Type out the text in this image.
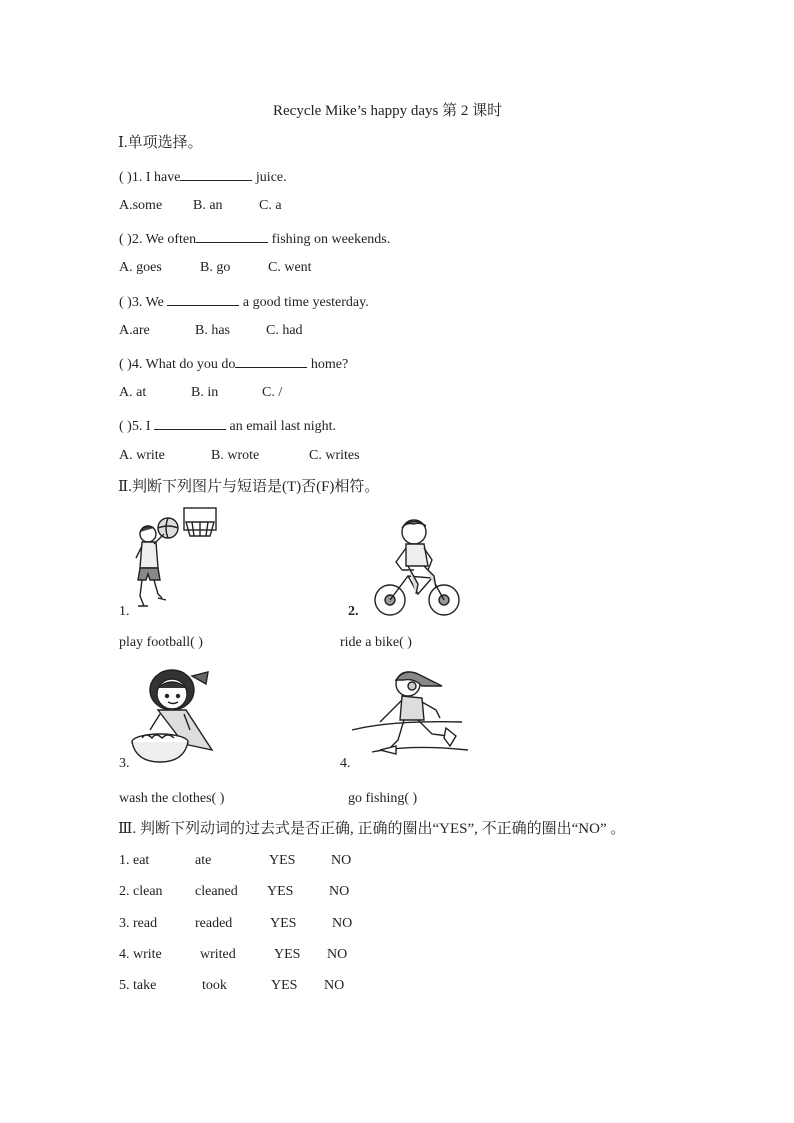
Recycle Mike’s happy days 第 2 课时
Ⅰ.单项选择。
( )1. I have	juice.
A.some B. an	C. a
( )2. We often	fishing on weekends.
A. goes	B. go	C. went
( )3. We	a good time yesterday.
A.are	B. has	C. had
( )4. What do you do	home?
A. at	B. in	C. /
( )5. I	an email last night.
A. write	B. wrote	C. writes
Ⅱ.判断下列图片与短语是(T)否(F)相符。
1.	2.
play football( )	ride a bike( )
3.	4.
wash the clothes( )	go fishing( )
Ⅲ. 判断下列动词的过去式是否正确, 正确的圈出“YES”, 不正确的圈出“NO” 。
1. eat	ate	YES	NO
2. clean cleaned YES	NO
3. read	readed	YES	NO
4. write	writed	YES NO
5. take	took	YES NO
